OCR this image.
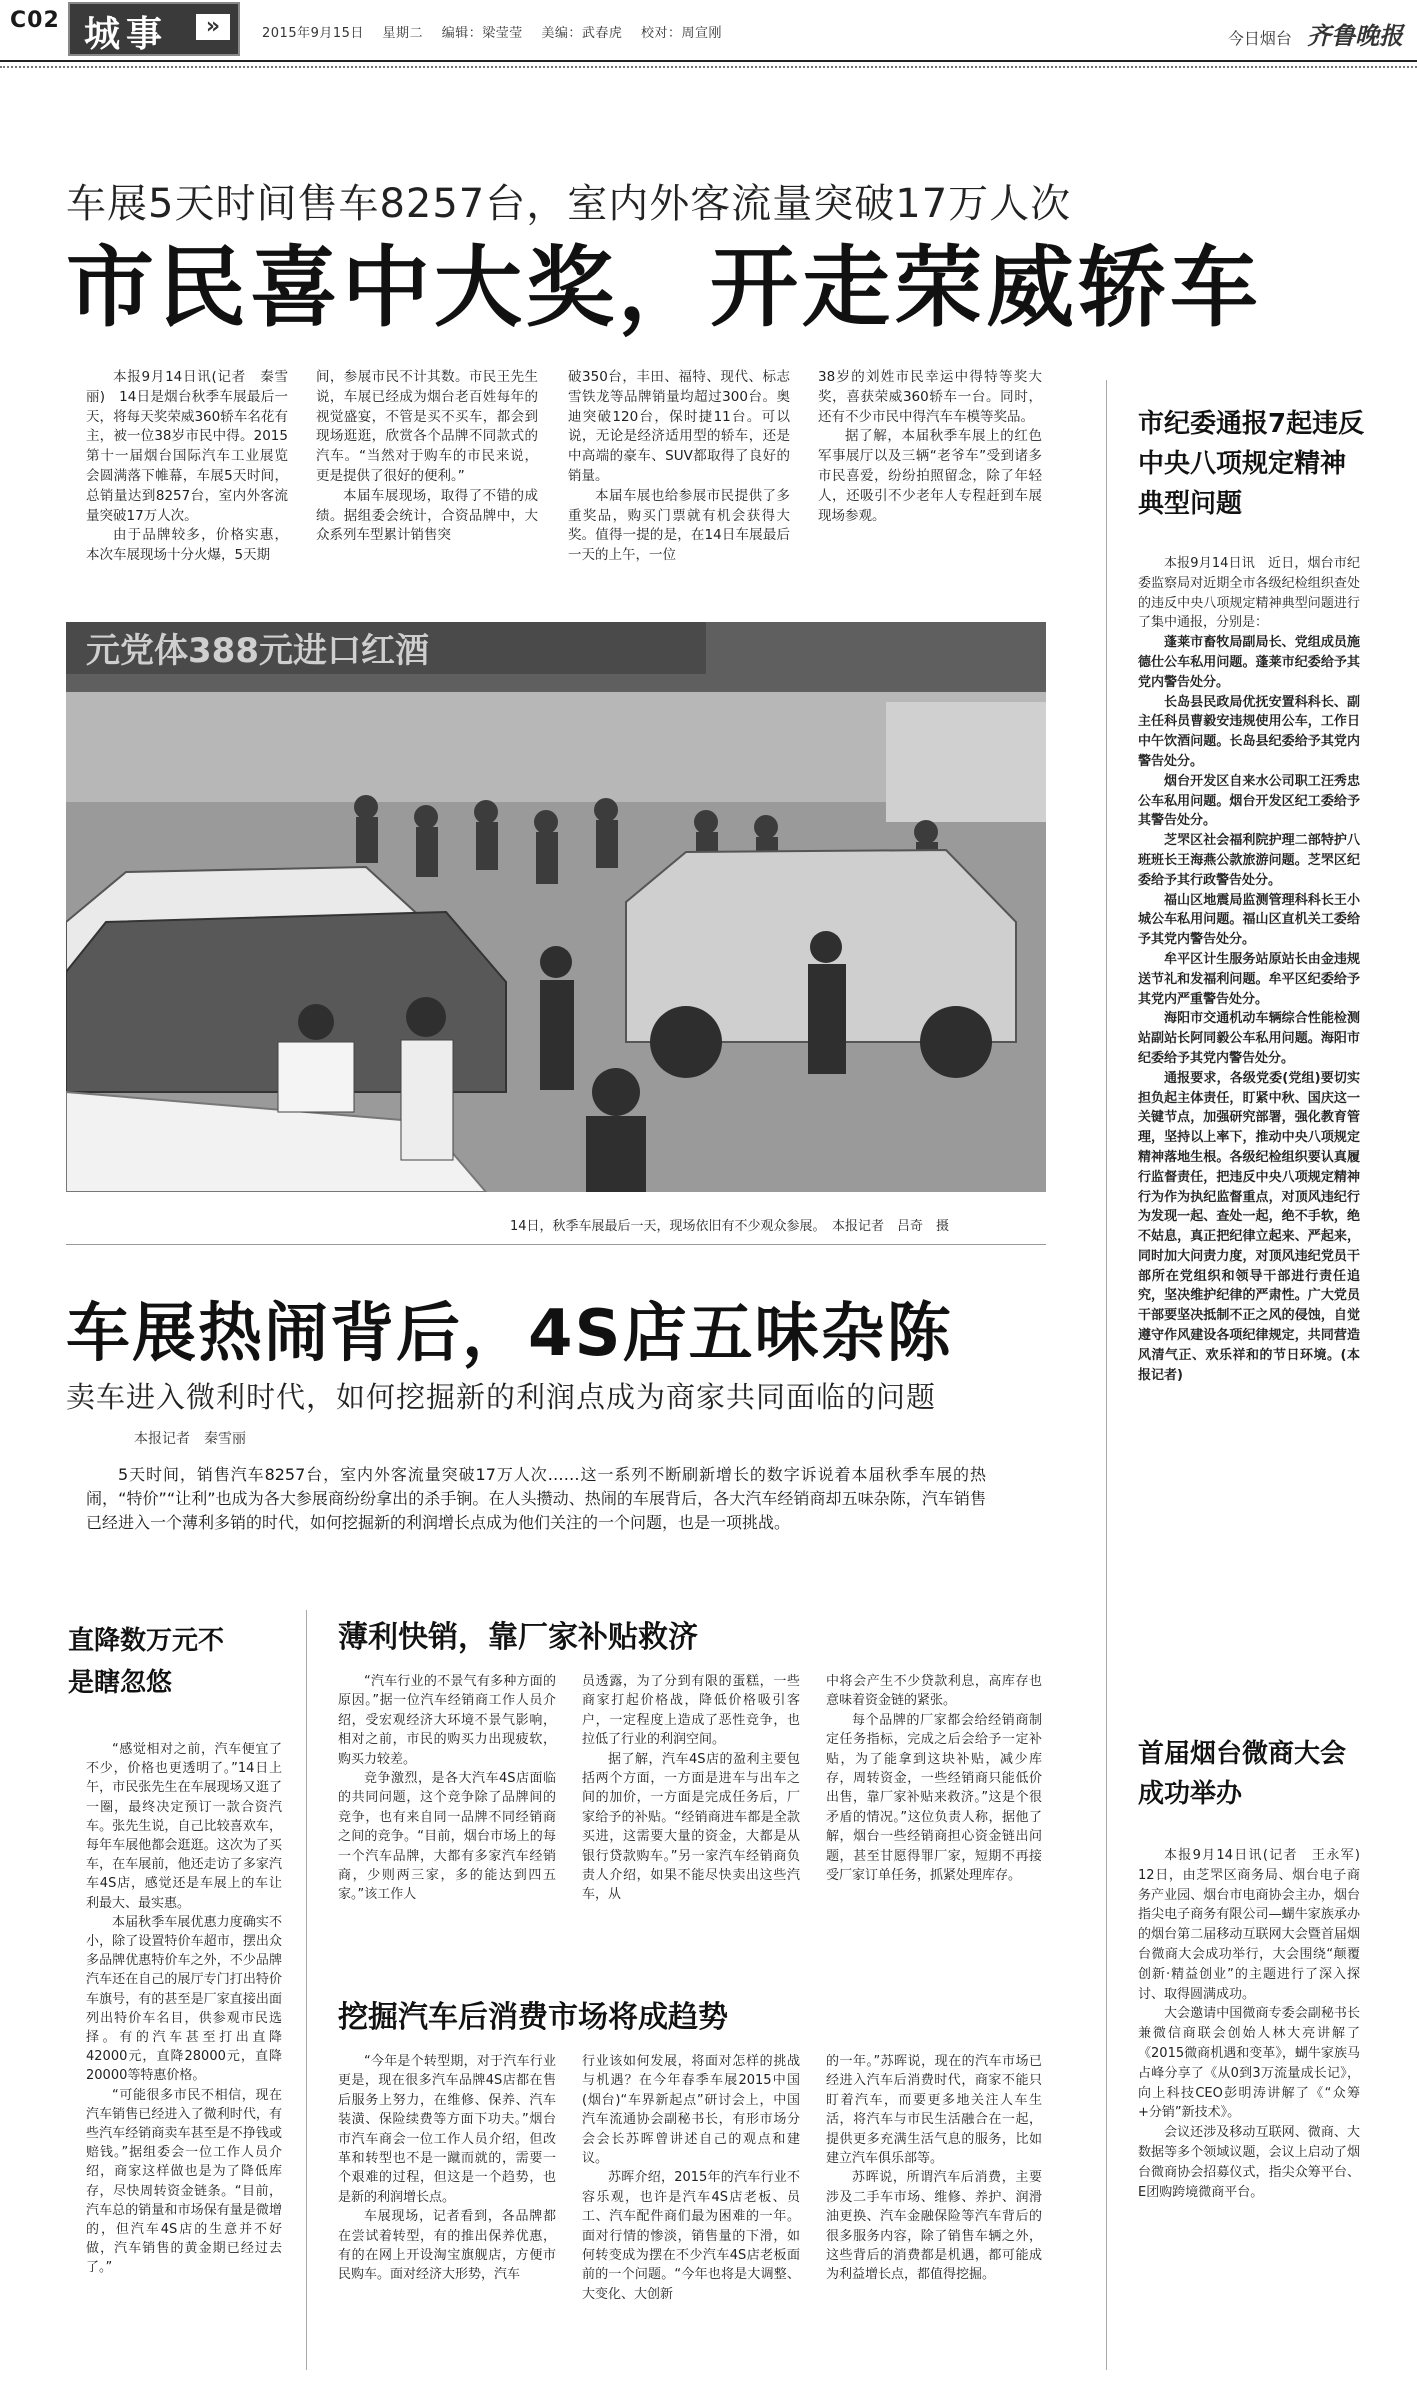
C02 城事	»	2015年9月15日 星期二 编辑：梁莹莹 美编：武春虎 校对：周宣刚	今日烟台 齐鲁晚报
车展5天时间售车8257台，室内外客流量突破17万人次
市民喜中大奖，开走荣威轿车

本报9月14日讯(记者　秦雪丽)　14日是烟台秋季车展最后一天，将每天奖荣威360轿车名花有主，被一位38岁市民中得。2015第十一届烟台国际汽车工业展览会圆满落下帷幕，车展5天时间，总销量达到8257台，室内外客流量突破17万人次。

由于品牌较多，价格实惠，本次车展现场十分火爆，5天期

间，参展市民不计其数。市民王先生说，车展已经成为烟台老百姓每年的视觉盛宴，不管是买不买车，都会到现场逛逛，欣赏各个品牌不同款式的汽车。“当然对于购车的市民来说，更是提供了很好的便利。”

本届车展现场，取得了不错的成绩。据组委会统计，合资品牌中，大众系列车型累计销售突

破350台，丰田、福特、现代、标志雪铁龙等品牌销量均超过300台。奥迪突破120台，保时捷11台。可以说，无论是经济适用型的轿车，还是中高端的豪车、SUV都取得了良好的销量。

本届车展也给参展市民提供了多重奖品，购买门票就有机会获得大奖。值得一提的是，在14日车展最后一天的上午，一位

38岁的刘姓市民幸运中得特等奖大奖，喜获荣威360轿车一台。同时，还有不少市民中得汽车车模等奖品。

据了解，本届秋季车展上的红色军事展厅以及三辆“老爷车”受到诸多市民喜爱，纷纷拍照留念，除了年轻人，还吸引不少老年人专程赶到车展现场参观。

元党体388元进口红酒
14日，秋季车展最后一天，现场依旧有不少观众参展。　本报记者　吕奇　摄
车展热闹背后，4S店五味杂陈
卖车进入微利时代，如何挖掘新的利润点成为商家共同面临的问题
本报记者　秦雪丽

5天时间，销售汽车8257台，室内外客流量突破17万人次……这一系列不断刷新增长的数字诉说着本届秋季车展的热闹，“特价”“让利”也成为各大参展商纷纷拿出的杀手锏。在人头攒动、热闹的车展背后，各大汽车经销商却五味杂陈，汽车销售已经进入一个薄利多销的时代，如何挖掘新的利润增长点成为他们关注的一个问题，也是一项挑战。

直降数万元不是瞎忽悠

“感觉相对之前，汽车便宜了不少，价格也更透明了。”14日上午，市民张先生在车展现场又逛了一圈，最终决定预订一款合资汽车。张先生说，自己比较喜欢车，每年车展他都会逛逛。这次为了买车，在车展前，他还走访了多家汽车4S店，感觉还是车展上的车让利最大、最实惠。

本届秋季车展优惠力度确实不小，除了设置特价车超市，摆出众多品牌优惠特价车之外，不少品牌汽车还在自己的展厅专门打出特价车旗号，有的甚至是厂家直接出面列出特价车名目，供参观市民选择。有的汽车甚至打出直降42000元，直降28000元，直降20000等特惠价格。

“可能很多市民不相信，现在汽车销售已经进入了微利时代，有些汽车经销商卖车甚至是不挣钱或赔钱。”据组委会一位工作人员介绍，商家这样做也是为了降低库存，尽快周转资金链条。“目前，汽车总的销量和市场保有量是微增的，但汽车4S店的生意并不好做，汽车销售的黄金期已经过去了。”

薄利快销，靠厂家补贴救济

“汽车行业的不景气有多种方面的原因。”据一位汽车经销商工作人员介绍，受宏观经济大环境不景气影响，相对之前，市民的购买力出现疲软，购买力较差。

竞争激烈，是各大汽车4S店面临的共同问题，这个竞争除了品牌间的竞争，也有来自同一品牌不同经销商之间的竞争。“目前，烟台市场上的每一个汽车品牌，大都有多家汽车经销商，少则两三家，多的能达到四五家。”该工作人

员透露，为了分到有限的蛋糕，一些商家打起价格战，降低价格吸引客户，一定程度上造成了恶性竞争，也拉低了行业的利润空间。

据了解，汽车4S店的盈利主要包括两个方面，一方面是进车与出车之间的加价，一方面是完成任务后，厂家给予的补贴。“经销商进车都是全款买进，这需要大量的资金，大都是从银行贷款购车。”另一家汽车经销商负责人介绍，如果不能尽快卖出这些汽车，从

中将会产生不少贷款利息，高库存也意味着资金链的紧张。

每个品牌的厂家都会给经销商制定任务指标，完成之后会给予一定补贴，为了能拿到这块补贴，减少库存，周转资金，一些经销商只能低价出售，靠厂家补贴来救济。”这是个很矛盾的情况。”这位负责人称，据他了解，烟台一些经销商担心资金链出问题，甚至甘愿得罪厂家，短期不再接受厂家订单任务，抓紧处理库存。

挖掘汽车后消费市场将成趋势

“今年是个转型期，对于汽车行业更是，现在很多汽车品牌4S店都在售后服务上努力，在维修、保养、汽车装潢、保险续费等方面下功夫。”烟台市汽车商会一位工作人员介绍，但改革和转型也不是一蹴而就的，需要一个艰难的过程，但这是一个趋势，也是新的利润增长点。

车展现场，记者看到，各品牌都在尝试着转型，有的推出保养优惠，有的在网上开设淘宝旗舰店，方便市民购车。面对经济大形势，汽车

行业该如何发展，将面对怎样的挑战与机遇？在今年春季车展2015中国(烟台)“车界新起点”研讨会上，中国汽车流通协会副秘书长，有形市场分会会长苏晖曾讲述自己的观点和建议。

苏晖介绍，2015年的汽车行业不容乐观，也许是汽车4S店老板、员工、汽车配件商们最为困难的一年。面对行情的惨淡，销售量的下滑，如何转变成为摆在不少汽车4S店老板面前的一个问题。“今年也将是大调整、大变化、大创新

的一年。”苏晖说，现在的汽车市场已经进入汽车后消费时代，商家不能只盯着汽车，而要更多地关注人车生活，将汽车与市民生活融合在一起，提供更多充满生活气息的服务，比如建立汽车俱乐部等。

苏晖说，所谓汽车后消费，主要涉及二手车市场、维修、养护、润滑油更换、汽车金融保险等汽车背后的很多服务内容，除了销售车辆之外，这些背后的消费都是机遇，都可能成为利益增长点，都值得挖掘。

市纪委通报7起违反中央八项规定精神典型问题

本报9月14日讯　近日，烟台市纪委监察局对近期全市各级纪检组织查处的违反中央八项规定精神典型问题进行了集中通报，分别是：

蓬莱市畜牧局副局长、党组成员施德仕公车私用问题。蓬莱市纪委给予其党内警告处分。

长岛县民政局优抚安置科科长、副主任科员曹毅安违规使用公车，工作日中午饮酒问题。长岛县纪委给予其党内警告处分。

烟台开发区自来水公司职工汪秀忠公车私用问题。烟台开发区纪工委给予其警告处分。

芝罘区社会福利院护理二部特护八班班长王海燕公款旅游问题。芝罘区纪委给予其行政警告处分。

福山区地震局监测管理科科长王小城公车私用问题。福山区直机关工委给予其党内警告处分。

牟平区计生服务站原站长由金违规送节礼和发福利问题。牟平区纪委给予其党内严重警告处分。

海阳市交通机动车辆综合性能检测站副站长阿同毅公车私用问题。海阳市纪委给予其党内警告处分。

通报要求，各级党委(党组)要切实担负起主体责任，盯紧中秋、国庆这一关键节点，加强研究部署，强化教育管理，坚持以上率下，推动中央八项规定精神落地生根。各级纪检组织要认真履行监督责任，把违反中央八项规定精神行为作为执纪监督重点，对顶风违纪行为发现一起、查处一起，绝不手软，绝不姑息，真正把纪律立起来、严起来，同时加大问责力度，对顶风违纪党员干部所在党组织和领导干部进行责任追究，坚决维护纪律的严肃性。广大党员干部要坚决抵制不正之风的侵蚀，自觉遵守作风建设各项纪律规定，共同营造风清气正、欢乐祥和的节日环境。(本报记者)

首届烟台微商大会成功举办

本报9月14日讯(记者　王永军)　12日，由芝罘区商务局、烟台电子商务产业园、烟台市电商协会主办，烟台指尖电子商务有限公司—蝴牛家族承办的烟台第二届移动互联网大会暨首届烟台微商大会成功举行，大会围绕“颠覆创新·精益创业”的主题进行了深入探讨、取得圆满成功。

大会邀请中国微商专委会副秘书长兼微信商联会创始人林大亮讲解了《2015微商机遇和变革》，蝴牛家族马占峰分享了《从0到3万流量成长记》，向上科技CEO彭明涛讲解了《“众筹+分销”新技术》。

会议还涉及移动互联网、微商、大数据等多个领域议题，会议上启动了烟台微商协会招募仪式，指尖众筹平台、E团购跨境微商平台。
